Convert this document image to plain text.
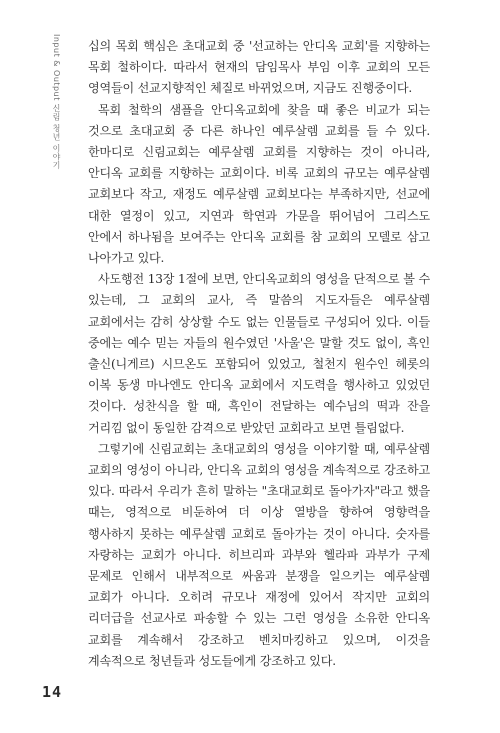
Input & Output 신림 청년 이야기 십의 목회 핵심은 초대교회 중 '선교하는 안디옥 교회'를 지향하는 목회 철하이다. 따라서 현재의 담임목사 부임 이후 교회의 모든 영역들이 선교지향적인 체질로 바뀌었으며, 지금도 진행중이다.

목회 철학의 샘플을 안디옥교회에 찾을 때 좋은 비교가 되는 것으로 초대교회 중 다른 하나인 예루살렘 교회를 들 수 있다. 한마디로 신림교회는 예루살렘 교회를 지향하는 것이 아니라, 안디옥 교회를 지향하는 교회이다. 비록 교회의 규모는 예루살렘 교회보다 작고, 재정도 예루살렘 교회보다는 부족하지만, 선교에 대한 열정이 있고, 지연과 학연과 가문을 뛰어넘어 그리스도 안에서 하나됨을 보여주는 안디옥 교회를 참 교회의 모델로 삼고 나아가고 있다.

사도행전 13장 1절에 보면, 안디옥교회의 영성을 단적으로 볼 수 있는데, 그 교회의 교사, 즉 말씀의 지도자들은 예루살렘 교회에서는 감히 상상할 수도 없는 인물들로 구성되어 있다. 이들 중에는 예수 믿는 자들의 원수였던 '사울'은 말할 것도 없이, 흑인 출신(니게르) 시므온도 포함되어 있었고, 철천지 원수인 헤롯의 이복 동생 마나엔도 안디옥 교회에서 지도력을 행사하고 있었던 것이다. 성찬식을 할 때, 흑인이 전달하는 예수님의 떡과 잔을 거리낌 없이 동일한 감격으로 받았던 교회라고 보면 틀림없다.

그렇기에 신림교회는 초대교회의 영성을 이야기할 때, 예루살렘 교회의 영성이 아니라, 안디옥 교회의 영성을 계속적으로 강조하고 있다. 따라서 우리가 흔히 말하는 "초대교회로 돌아가자"라고 했을 때는, 영적으로 비둔하여 더 이상 열방을 향하여 영향력을 행사하지 못하는 예루살렘 교회로 돌아가는 것이 아니다. 숫자를 자랑하는 교회가 아니다. 히브리파 과부와 헬라파 과부가 구제 문제로 인해서 내부적으로 싸움과 분쟁을 일으키는 예루살렘 교회가 아니다. 오히려 규모나 재정에 있어서 작지만 교회의 리더급을 선교사로 파송할 수 있는 그런 영성을 소유한 안디옥 교회를 계속해서 강조하고 벤치마킹하고 있으며, 이것을 계속적으로 청년들과 성도들에게 강조하고 있다.

14
